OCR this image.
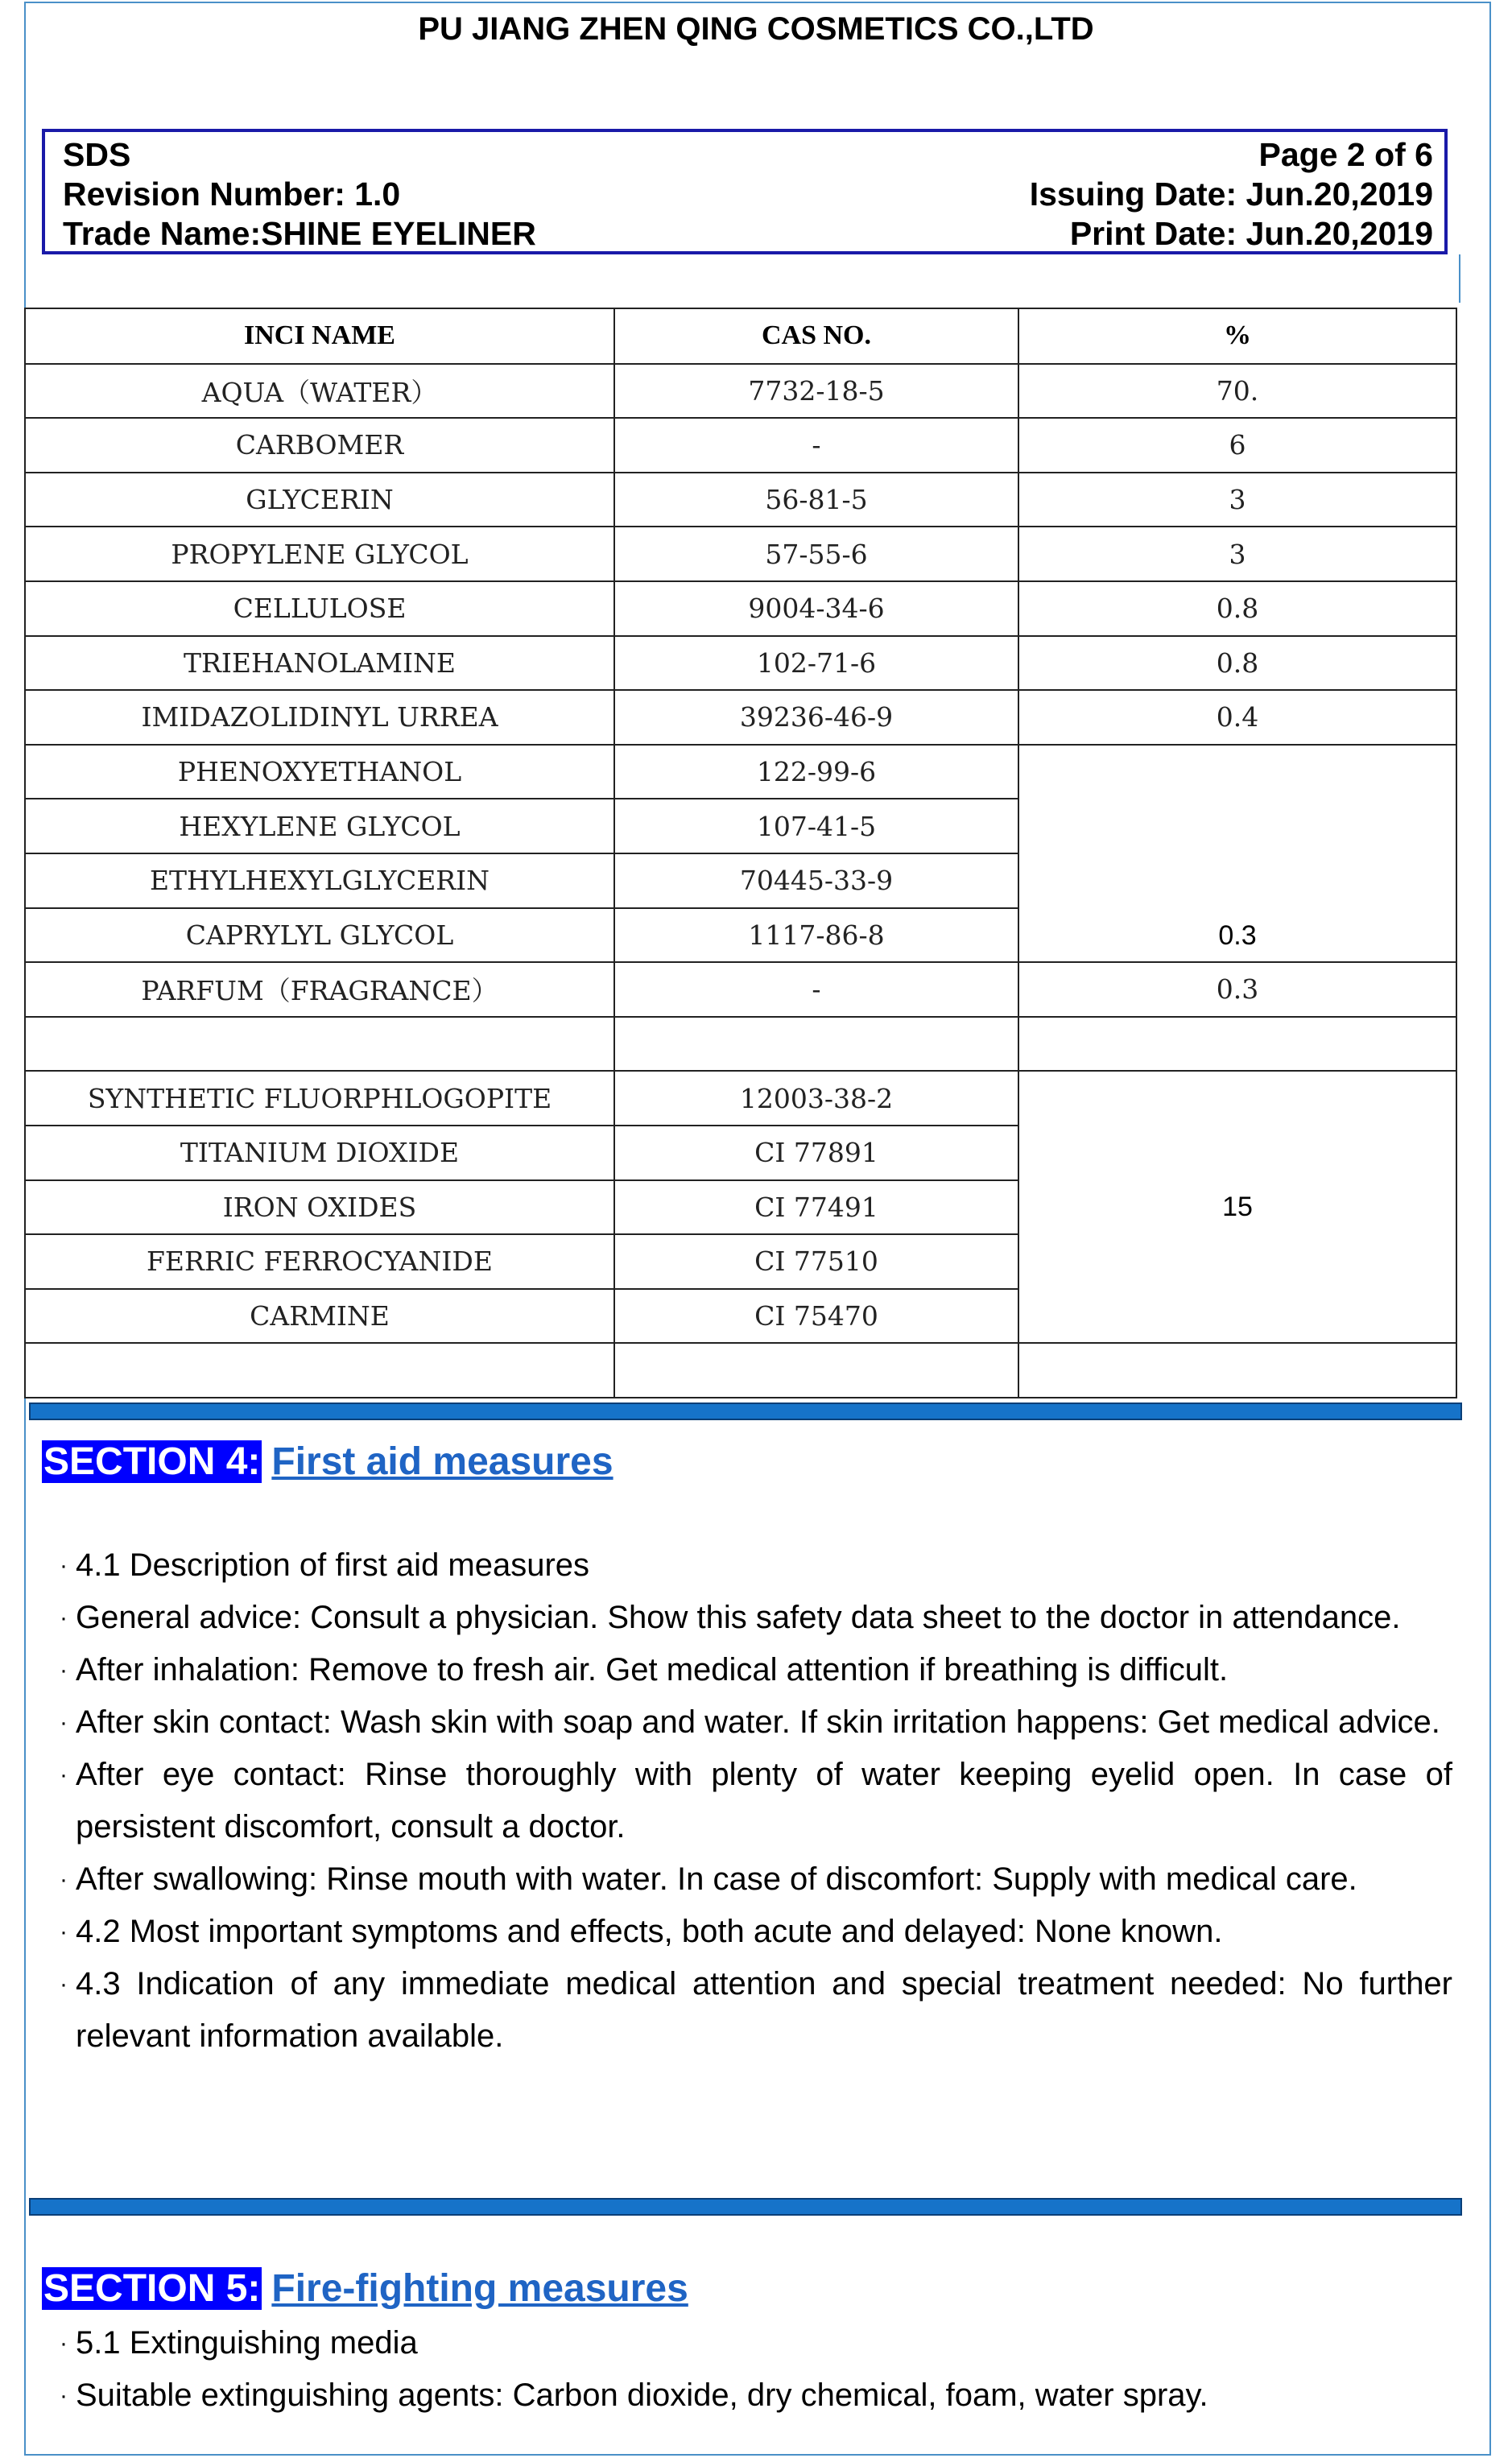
PU JIANG ZHEN QING COSMETICS CO.,LTD
SDS	Page 2 of 6
Revision Number: 1.0	Issuing Date: Jun.20,2019
Trade Name:SHINE EYELINER	Print Date: Jun.20,2019
INCI NAME	CAS NO.	%
AQUA（WATER）	7732-18-5	70.
CARBOMER	-	6
GLYCERIN	56-81-5	3
PROPYLENE GLYCOL	57-55-6	3
CELLULOSE	9004-34-6	0.8
TRIEHANOLAMINE	102-71-6	0.8
IMIDAZOLIDINYL URREA	39236-46-9	0.4
PHENOXYETHANOL	122-99-6	0.3
HEXYLENE GLYCOL	107-41-5	
ETHYLHEXYLGLYCERIN	70445-33-9	
CAPRYLYL GLYCOL	1117-86-8	
PARFUM（FRAGRANCE）	-	0.3

SYNTHETIC FLUORPHLOGOPITE	12003-38-2	15
TITANIUM DIOXIDE	CI 77891	
IRON OXIDES	CI 77491	
FERRIC FERROCYANIDE	CI 77510	
CARMINE	CI 75470	

SECTION 4: First aid measures
· 4.1 Description of first aid measures

· General advice: Consult a physician. Show this safety data sheet to the doctor in attendance.

· After inhalation: Remove to fresh air. Get medical attention if breathing is difficult.

· After skin contact: Wash skin with soap and water. If skin irritation happens: Get medical advice.

· After eye contact: Rinse thoroughly with plenty of water keeping eyelid open. In case of persistent discomfort, consult a doctor.

· After swallowing: Rinse mouth with water. In case of discomfort: Supply with medical care.

· 4.2 Most important symptoms and effects, both acute and delayed: None known.

· 4.3 Indication of any immediate medical attention and special treatment needed: No further relevant information available.

SECTION 5: Fire-fighting measures
· 5.1 Extinguishing media

· Suitable extinguishing agents: Carbon dioxide, dry chemical, foam, water spray.
